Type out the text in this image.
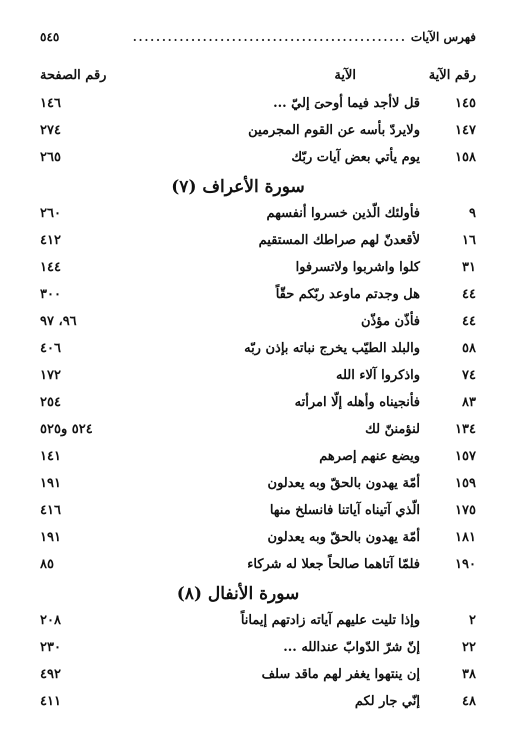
فهرس الآيات
...............................................
٥٤٥
رقم الآية
الآية
رقم الصفحة
١٤٥
قل لاأجد فيما أوحىَ إليّ ...
١٤٦
١٤٧
ولايردّ بأسه عن القوم المجرمين
٢٧٤
١٥٨
يوم يأتي بعض آيات ربّك
٢٦٥
سورة الأعراف (٧)
٩
فأولئك الّذين خسروا أنفسهم
٢٦٠
١٦
لأقعدنّ لهم صراطك المستقيم
٤١٢
٣١
كلوا واشربوا ولاتسرفوا
١٤٤
٤٤
هل وجدتم ماوعد ربّكم حقّاً
٣٠٠
٤٤
فأذّن مؤذّن
٩٦، ٩٧
٥٨
والبلد الطيّب يخرج نباته بإذن ربّه
٤٠٦
٧٤
واذكروا آلاء الله
١٧٢
٨٣
فأنجيناه وأهله إلّا امرأته
٢٥٤
١٣٤
لنؤمننّ لك
٥٢٤ و٥٢٥
١٥٧
ويضع عنهم إصرهم
١٤١
١٥٩
أمّة يهدون بالحقّ وبه يعدلون
١٩١
١٧٥
الّذي آتيناه آياتنا فانسلخ منها
٤١٦
١٨١
أمّة يهدون بالحقّ وبه يعدلون
١٩١
١٩٠
فلمّا آتاهما صالحاً جعلا له شركاء
٨٥
سورة الأنفال (٨)
٢
وإذا تليت عليهم آياته زادتهم إيماناً
٢٠٨
٢٢
إنّ شرّ الدّوابّ عندالله ...
٢٣٠
٣٨
إن ينتهوا يغفر لهم ماقد سلف
٤٩٢
٤٨
إنّي جار لكم
٤١١
